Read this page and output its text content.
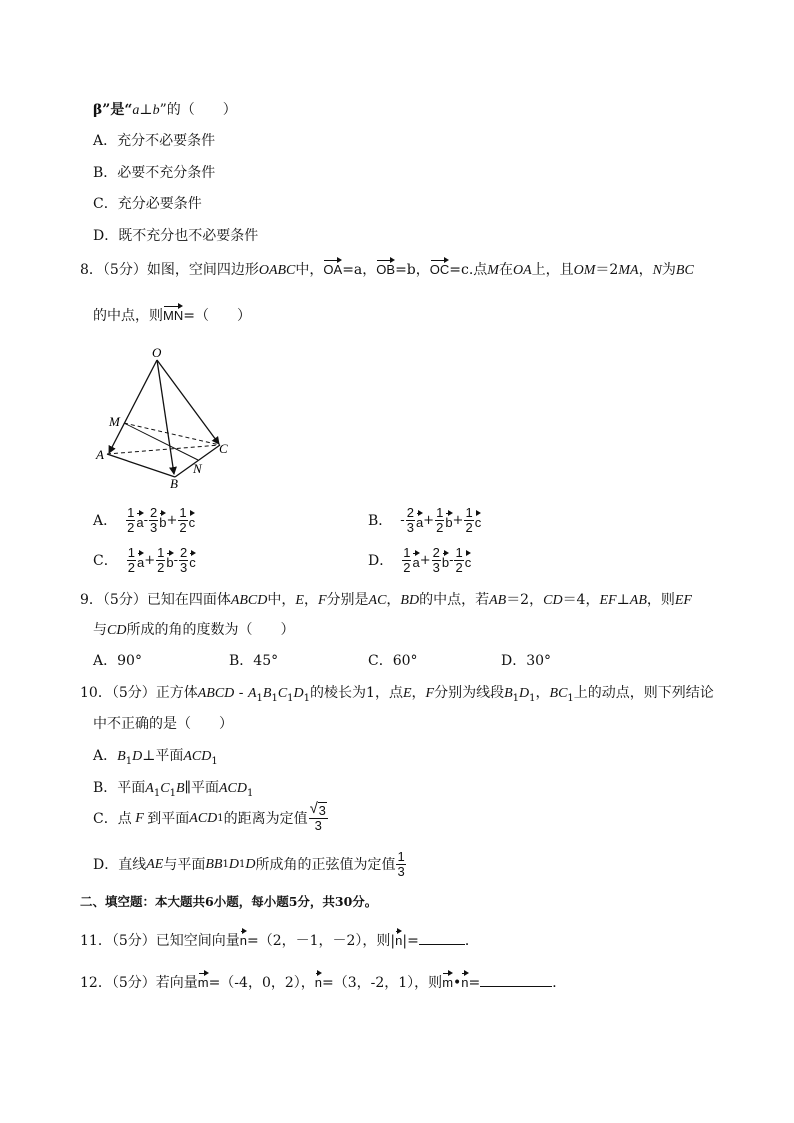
β”是“a⊥b”的（　　）
A．充分不必要条件
B．必要不充分条件
C．充分必要条件
D．既不充分也不必要条件
8．（5分）如图，空间四边形OABC中，
OA=a，
OB=b，
OC=c.点M在OA上，且OM＝2MA，N为BC
的中点，则
MN=（　　）
O
M
A
B
C
N
A． $\frac{1}{2}$ a - $\frac{2}{3}$ $b + \frac{1}{2}$ c	B． - $\frac{2}{3}$ $a + \frac{1}{2}$ $b + \frac{1}{2}$ c
C． $\frac{1}{2}$ $a + \frac{1}{2}$ b - $\frac{2}{3}$ c	D． $\frac{1}{2}$ $a + \frac{2}{3}$ b - $\frac{1}{2}$ c
9．（5分）已知在四面体ABCD中，E，F分别是AC，BD的中点，若AB＝2，CD＝4，EF⊥AB，则EF
与CD所成的角的度数为（　　）
A．90°	B．45°	C．60°	D．30°
10．（5分）正方体ABCD - $A_1B_1C_1D_1$的棱长为1，点E，F分别为线段$B_1D_1$，$BC_1$上的动点，则下列结论
中不正确的是（　　）
A．$B_1D\perp$平面$ACD_1$
B．平面$A_1C_1B\parallel$平面$ACD_1$
C． 点 F 到平面 ACD 1 的距离为定值 $\frac{√ 3}{3}$
D． 直线 AE 与平面 BB 1 D 1 D 所成角的正弦值为定值 $\frac{1}{3}$
二、填空题：本大题共6小题，每小题5分，共30分。
11．（5分）已知空间向量
n=（2，－1，－2），则|
n|=	．
12．（5分）若向量
m=（-4，0，2），
n=（3，-2，1），则
m•
n=	．
